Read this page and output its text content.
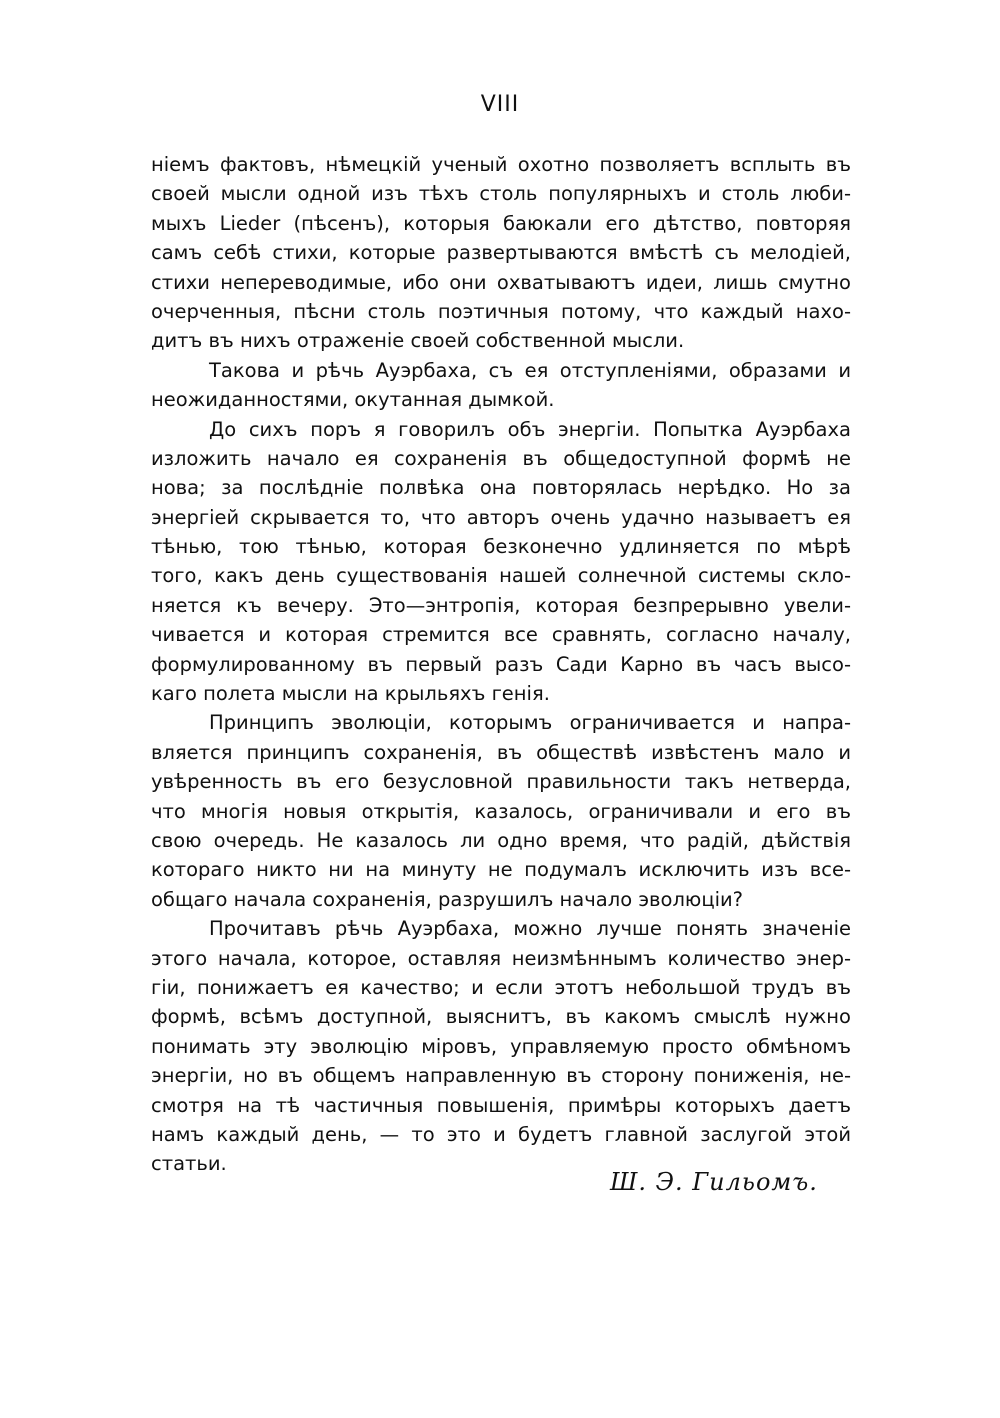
VIII
ніемъ фактовъ, нѣмецкій ученый охотно позволяетъ всплыть въ
своей мысли одной изъ тѣхъ столь популярныхъ и столь люби-
мыхъ Lieder (пѣсенъ), которыя баюкали его дѣтство, повторяя
самъ себѣ стихи, которые развертываются вмѣстѣ съ мелодіей,
стихи непереводимые, ибо они охватываютъ идеи, лишь смутно
очерченныя, пѣсни столь поэтичныя потому, что каждый нахо-
дитъ въ нихъ отраженіе своей собственной мысли.
Такова и рѣчь Ауэрбаха, съ ея отступленіями, образами и
неожиданностями, окутанная дымкой.
До сихъ поръ я говорилъ объ энергіи. Попытка Ауэрбаха
изложить начало ея сохраненія въ общедоступной формѣ не
нова; за послѣдніе полвѣка она повторялась нерѣдко. Но за
энергіей скрывается то, что авторъ очень удачно называетъ ея
тѣнью, тою тѣнью, которая безконечно удлиняется по мѣрѣ
того, какъ день существованія нашей солнечной системы скло-
няется къ вечеру. Это—энтропія, которая безпрерывно увели-
чивается и которая стремится все сравнять, согласно началу,
формулированному въ первый разъ Сади Карно въ часъ высо-
каго полета мысли на крыльяхъ генія.
Принципъ эволюціи, которымъ ограничивается и напра-
вляется принципъ сохраненія, въ обществѣ извѣстенъ мало и
увѣренность въ его безусловной правильности такъ нетверда,
что многія новыя открытія, казалось, ограничивали и его въ
свою очередь. Не казалось ли одно время, что радій, дѣйствія
котораго никто ни на минуту не подумалъ исключить изъ все-
общаго начала сохраненія, разрушилъ начало эволюціи?
Прочитавъ рѣчь Ауэрбаха, можно лучше понять значеніе
этого начала, которое, оставляя неизмѣннымъ количество энер-
гіи, понижаетъ ея качество; и если этотъ небольшой трудъ въ
формѣ, всѣмъ доступной, выяснитъ, въ какомъ смыслѣ нужно
понимать эту эволюцію міровъ, управляемую просто обмѣномъ
энергіи, но въ общемъ направленную въ сторону пониженія, не-
смотря на тѣ частичныя повышенія, примѣры которыхъ даетъ
намъ каждый день, — то это и будетъ главной заслугой этой
статьи.
Ш. Э. Гильомъ.
